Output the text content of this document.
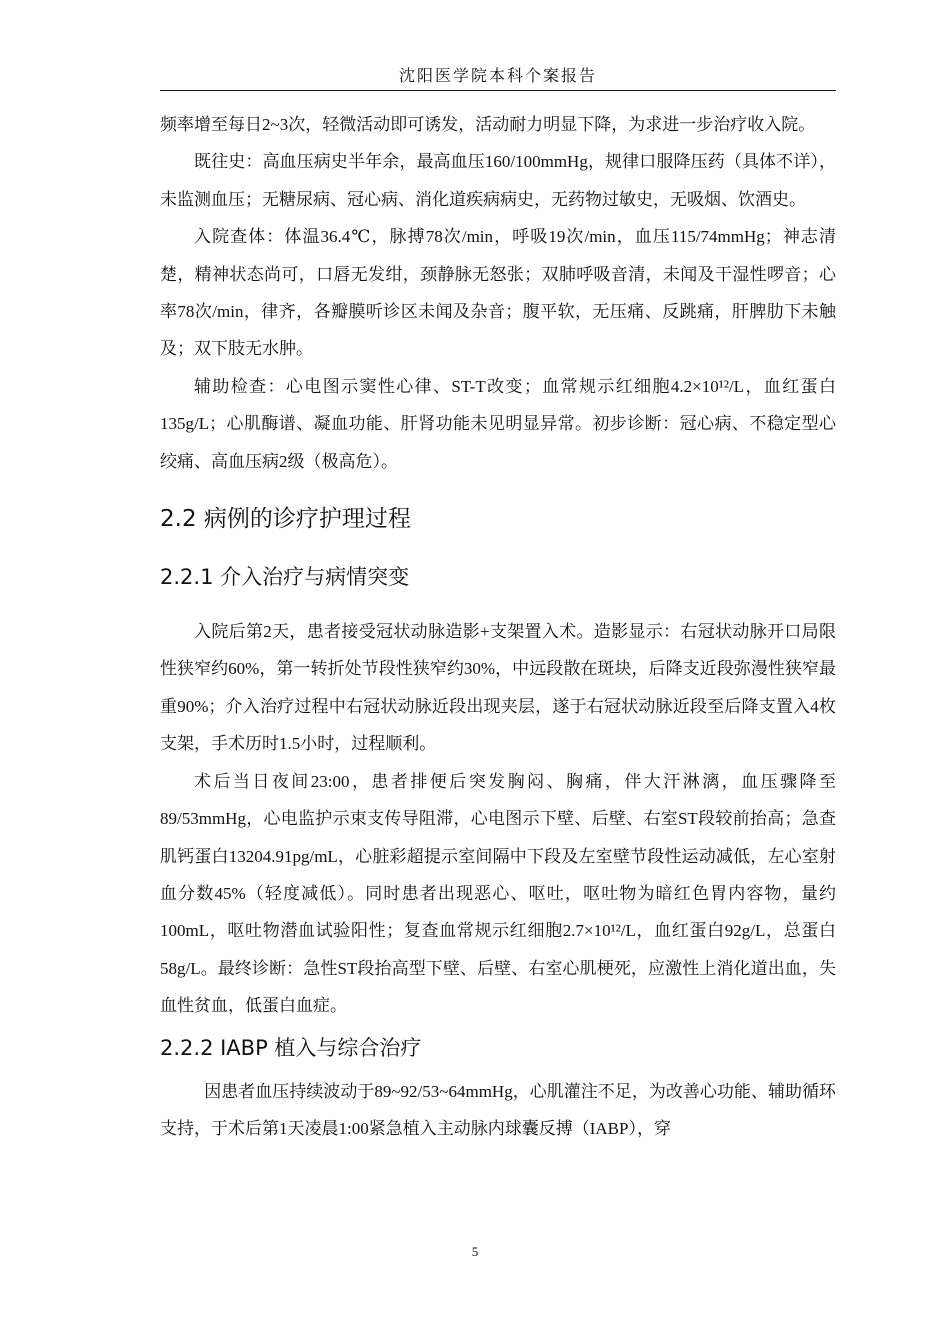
沈阳医学院本科个案报告

频率增至每日2~3次，轻微活动即可诱发，活动耐力明显下降，为求进一步治疗收入院。

既往史：高血压病史半年余，最高血压160/100mmHg，规律口服降压药（具体不详），未监测血压；无糖尿病、冠心病、消化道疾病病史，无药物过敏史，无吸烟、饮酒史。

入院查体：体温36.4℃，脉搏78次/min，呼吸19次/min，血压115/74mmHg；神志清楚，精神状态尚可，口唇无发绀，颈静脉无怒张；双肺呼吸音清，未闻及干湿性啰音；心率78次/min，律齐，各瓣膜听诊区未闻及杂音；腹平软，无压痛、反跳痛，肝脾肋下未触及；双下肢无水肿。

辅助检查：心电图示窦性心律、ST-T改变；血常规示红细胞4.2×10¹²/L，血红蛋白135g/L；心肌酶谱、凝血功能、肝肾功能未见明显异常。初步诊断：冠心病、不稳定型心绞痛、高血压病2级（极高危）。

2.2 病例的诊疗护理过程
2.2.1 介入治疗与病情突变

入院后第2天，患者接受冠状动脉造影+支架置入术。造影显示：右冠状动脉开口局限性狭窄约60%，第一转折处节段性狭窄约30%，中远段散在斑块，后降支近段弥漫性狭窄最重90%；介入治疗过程中右冠状动脉近段出现夹层，遂于右冠状动脉近段至后降支置入4枚支架，手术历时1.5小时，过程顺利。

术后当日夜间23:00，患者排便后突发胸闷、胸痛，伴大汗淋漓，血压骤降至89/53mmHg，心电监护示束支传导阻滞，心电图示下壁、后壁、右室ST段较前抬高；急查肌钙蛋白13204.91pg/mL，心脏彩超提示室间隔中下段及左室壁节段性运动减低，左心室射血分数45%（轻度减低）。同时患者出现恶心、呕吐，呕吐物为暗红色胃内容物，量约100mL，呕吐物潜血试验阳性；复查血常规示红细胞2.7×10¹²/L，血红蛋白92g/L，总蛋白58g/L。最终诊断：急性ST段抬高型下壁、后壁、右室心肌梗死，应激性上消化道出血，失血性贫血，低蛋白血症。

2.2.2 IABP 植入与综合治疗

因患者血压持续波动于89~92/53~64mmHg，心肌灌注不足，为改善心功能、辅助循环支持，于术后第1天凌晨1:00紧急植入主动脉内球囊反搏（IABP），穿

5
